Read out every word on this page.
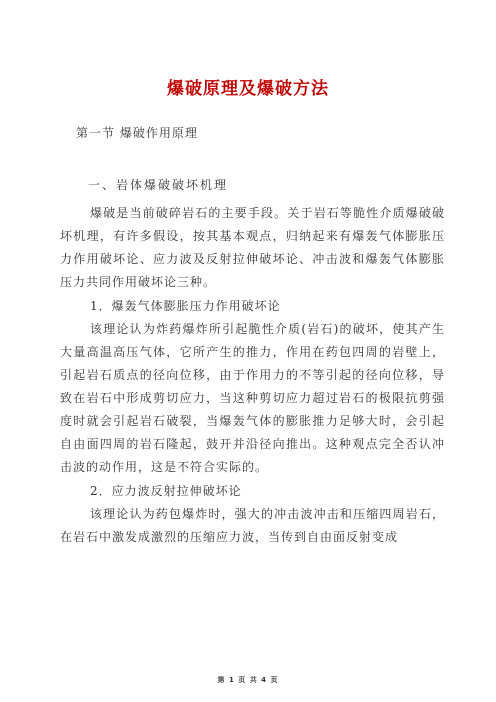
爆破原理及爆破方法
第一节 爆破作用原理
一、岩体爆破破坏机理

爆破是当前破碎岩石的主要手段。关于岩石等脆性介质爆破破坏机理，有许多假设，按其基本观点，归纳起来有爆轰气体膨胀压力作用破坏论、应力波及反射拉伸破坏论、冲击波和爆轰气体膨胀压力共同作用破坏论三种。

1．爆轰气体膨胀压力作用破坏论

该理论认为炸药爆炸所引起脆性介质(岩石)的破坏，使其产生大量高温高压气体，它所产生的推力，作用在药包四周的岩壁上，引起岩石质点的径向位移，由于作用力的不等引起的径向位移，导致在岩石中形成剪切应力，当这种剪切应力超过岩石的极限抗剪强度时就会引起岩石破裂，当爆轰气体的膨胀推力足够大时，会引起自由面四周的岩石隆起，鼓开并沿径向推出。这种观点完全否认冲击波的动作用，这是不符合实际的。

2．应力波反射拉伸破坏论

该理论认为药包爆炸时，强大的冲击波冲击和压缩四周岩石，在岩石中激发成激烈的压缩应力波，当传到自由面反射变成

第 1 页 共 4 页
